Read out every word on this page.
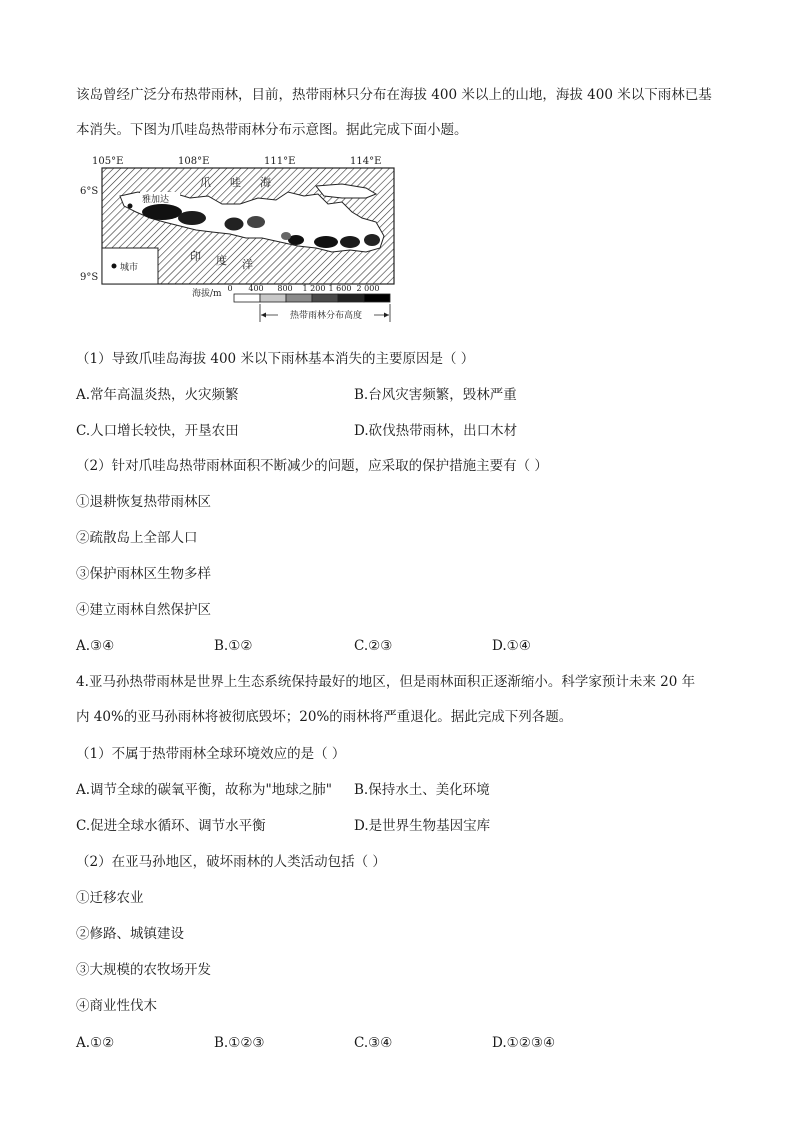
该岛曾经广泛分布热带雨林，目前，热带雨林只分布在海拔 400 米以上的山地，海拔 400 米以下雨林已基
本消失。下图为爪哇岛热带雨林分布示意图。据此完成下面小题。
105°E	108°E	111°E	114°E
6°S
9°S
爪 哇 海
印 度 洋
雅加达
城市
海拔/m
0 400 800 1 200 1 600 2 000
热带雨林分布高度
（1）导致爪哇岛海拔 400 米以下雨林基本消失的主要原因是（ ）
A.常年高温炎热，火灾频繁	B.台风灾害频繁，毁林严重
C.人口增长较快，开垦农田	D.砍伐热带雨林，出口木材
（2）针对爪哇岛热带雨林面积不断减少的问题，应采取的保护措施主要有（ ）
①退耕恢复热带雨林区
②疏散岛上全部人口
③保护雨林区生物多样
④建立雨林自然保护区
A.③④	B.①②	C.②③	D.①④
4.亚马孙热带雨林是世界上生态系统保持最好的地区，但是雨林面积正逐渐缩小。科学家预计未来 20 年
内 40%的亚马孙雨林将被彻底毁坏；20%的雨林将严重退化。据此完成下列各题。
（1）不属于热带雨林全球环境效应的是（ ）
A.调节全球的碳氧平衡，故称为"地球之肺" B.保持水土、美化环境
C.促进全球水循环、调节水平衡	D.是世界生物基因宝库
（2）在亚马孙地区，破坏雨林的人类活动包括（ ）
①迁移农业
②修路、城镇建设
③大规模的农牧场开发
④商业性伐木
A.①②	B.①②③	C.③④	D.①②③④
